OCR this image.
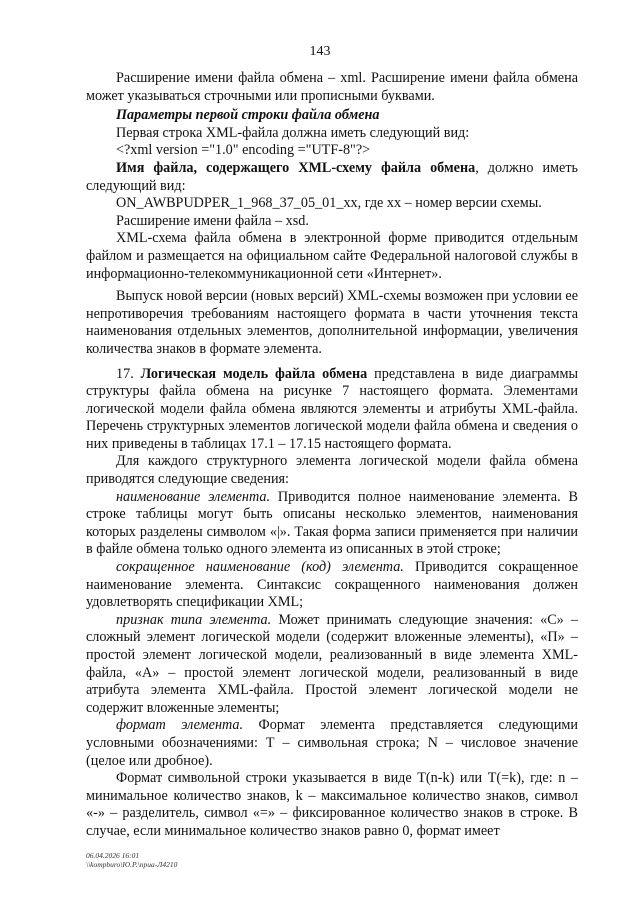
143

Расширение имени файла обмена – xml. Расширение имени файла обмена может указываться строчными или прописными буквами.

Параметры первой строки файла обмена

Первая строка XML-файла должна иметь следующий вид:

<?xml version ="1.0" encoding ="UTF-8"?>

Имя файла, содержащего XML-схему файла обмена, должно иметь следующий вид:

ON_AWBPUDPER_1_968_37_05_01_xx, где xx – номер версии схемы.

Расширение имени файла – xsd.

XML-схема файла обмена в электронной форме приводится отдельным файлом и размещается на официальном сайте Федеральной налоговой службы в информационно-телекоммуникационной сети «Интернет».

Выпуск новой версии (новых версий) XML-схемы возможен при условии ее непротиворечия требованиям настоящего формата в части уточнения текста наименования отдельных элементов, дополнительной информации, увеличения количества знаков в формате элемента.

17. Логическая модель файла обмена представлена в виде диаграммы структуры файла обмена на рисунке 7 настоящего формата. Элементами логической модели файла обмена являются элементы и атрибуты XML-файла. Перечень структурных элементов логической модели файла обмена и сведения о них приведены в таблицах 17.1 – 17.15 настоящего формата.

Для каждого структурного элемента логической модели файла обмена приводятся следующие сведения:

наименование элемента. Приводится полное наименование элемента. В строке таблицы могут быть описаны несколько элементов, наименования которых разделены символом «|». Такая форма записи применяется при наличии в файле обмена только одного элемента из описанных в этой строке;

сокращенное наименование (код) элемента. Приводится сокращенное наименование элемента. Синтаксис сокращенного наименования должен удовлетворять спецификации XML;

признак типа элемента. Может принимать следующие значения: «С» – сложный элемент логической модели (содержит вложенные элементы), «П» – простой элемент логической модели, реализованный в виде элемента XML-файла, «А» – простой элемент логической модели, реализованный в виде атрибута элемента XML-файла. Простой элемент логической модели не содержит вложенные элементы;

формат элемента. Формат элемента представляется следующими условными обозначениями: Т – символьная строка; N – числовое значение (целое или дробное).

Формат символьной строки указывается в виде T(n-k) или T(=k), где: n – минимальное количество знаков, k – максимальное количество знаков, символ «-» – разделитель, символ «=» – фиксированное количество знаков в строке. В случае, если минимальное количество знаков равно 0, формат имеет

06.04.2026 16:01
\\kompburo\Ю.Р.\npua-Л4210
